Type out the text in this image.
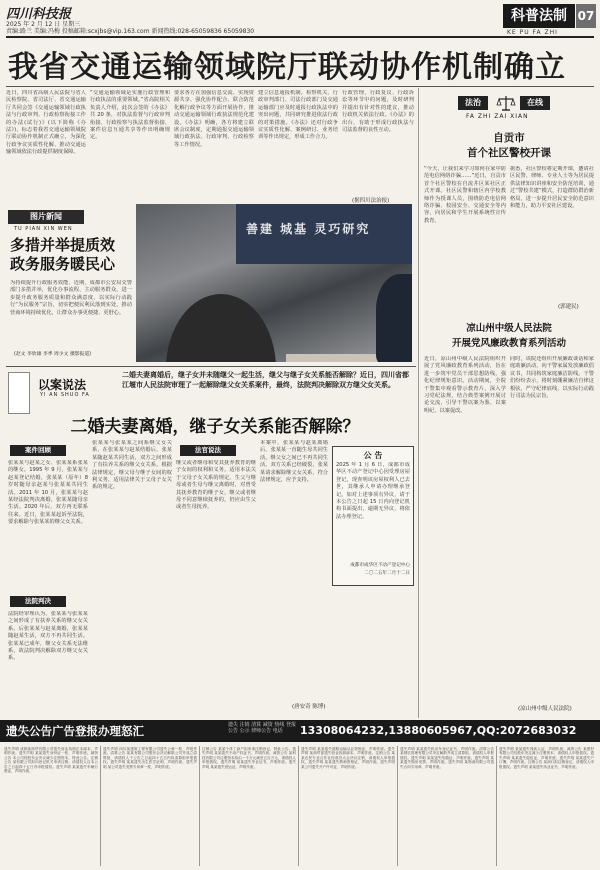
四川科技报
2025 年 2 月 12 日 星期三
责编:路兰 美编:冯梅 投稿邮箱:scxjbs@vip.163.com 新闻热线:028-65059836 65059830
科普法制 07
KE PU FA ZHI
我省交通运输领域院厅联动协作机制确立
近日，四川省高级人民法院与省人民检察院、省司法厅、省交通运输厅共同会签《交通运输领域行政执法与行政审判、行政检察衔接工作的办法(试行)》(以下简称《办法》)，标志着我省交通运输领域院厅联动协作机制正式确立，为深化行政争议实质性化解、推动交通运输领域依法行政提供制度保障。
“交通运输领域是实施行政管理和行政执法的重要领域。”省高院相关负责人介绍，此次会签的《办法》共 20 条，对执法监督与行政审判衔接、行政检察与执法监督衔接、案件信息互通共享等作出明确规定。
要求各方在加强信息交流、实现资源共享、强化协作配合、联合防范化解行政争议等方面开展协作，推动交通运输领域行政执法规范化建设。《办法》明确，各方将建立联席会议制度，定期通报交通运输领域行政执法、行政审判、行政检察等工作情况。
建立信息通报机制。检察机关、行政审判部门、司法行政部门及交通运输部门应及时通报行政执法中的突出问题，共同研究推进依法行政的对策措施。《办法》还对行政争议实质性化解、案例研讨、业务培训等作出规定，形成工作合力。
行政管理、行政复议、行政诉讼等环节中的问题，及时研判并提出有针对性的建议，推动行政机关依法行政。《办法》的出台，有助于形成行政执法与司法监督的良性互动。
(据四川法治报)
法治	在线
FA ZHI ZAI XIAN
自贡市
首个社区警校开课
“今天，让我们来学习如何在家中防范电信网络诈骗……”近日，自贡市首个社区警校在自流井区某社区正式开课。社区民警和辖区内学校教师作为授课人员，围绕防范电信网络诈骗、校园安全、交通安全等内容，向居民和学生开展系统性宣传教育。
据悉，社区警校将定期开课，邀请社区民警、律师、专业人士等为居民提供法律知识讲座和安全防范培训，通过“警校共建”模式，打造群防群治新格局，进一步提升居民安全防范意识和能力，助力平安社区建设。
(郭建民)
凉山州中级人民法院
开展党风廉政教育系列活动
近日，凉山州中级人民法院组织开展了党风廉政教育系列活动，旨在进一步筑牢党员干部思想防线，强化纪律规矩意识。活动期间，全院干警集中观看警示教育片，深入学习党纪法规，结合典型案例开展讨论交流，引导干警以案为鉴、以案明纪、以案促改。
同时，该院还组织开展廉政谈话和家庭助廉活动，向干警家属发放廉政倡议书，共同构筑家庭廉洁防线。干警们纷纷表示，将时刻绷紧廉洁自律这根弦，严守纪律底线，以实际行动践行司法为民宗旨。
(凉山州中级人民法院)
图片新闻
TU PIAN XIN WEN
多措并举提质效 政务服务暖民心
为持续提升行政服务效能，近期，成都市公安局交警部门多措并举，优化办事流程、主动服务群众，进一步提升政务服务质量和群众满意度，以实际行动践行“为民服务”宗旨，切实把便民利民落到实处，推动营商环境持续优化，让群众办事更便捷、更舒心。
(赵文 李欣雄 李季 周少文 摄影报道)
善建 城基 灵巧研究
以案说法
YI AN SHUO FA
二婚夫妻离婚后，继子女并未随继父一起生活，继父与继子女关系能否解除？近日，四川省都江堰市人民法院审理了一起解除继父女关系案件，最终，法院判决解除双方继父女关系。
二婚夫妻离婚，继子女关系能否解除？
案件回顾
张某某与赵某之女、张某某系张某的继女。1995 年 9 月，张某某与赵某登记结婚，张某某（原年）8 岁时随母亲赵某与张某某共同生活。2011 年 10 月，张某某与赵某经法院判决离婚，张某某随母亲生活。2020 年后，双方再无联系往来。近日，张某某起诉至法院，要求解除与张某某的继父女关系。
法院判决
法院经审理认为，张某某与张某某之间形成了有扶养关系的继父女关系。后张某某与赵某离婚，张某某随赵某生活，双方不再共同生活。张某某已成年，继父女关系无法维系，故法院判决解除双方继父女关系。
张某某与张某某之间系继父女关系，在张某某与赵某结婚后，张某某随赵某共同生活，双方之间形成了有扶养关系的继父女关系。根据法律规定，继父母与继子女间的权利义务，适用法律关于父母子女关系的规定。
法官说法
继父或者继母和受其抚养教育的继子女间的权利和义务，适用本法关于父母子女关系的规定。生父与继母或者生母与继父离婚时，对曾受其抚养教育的继子女，继父或者继母不同意继续抚养的，仍应由生父或者生母抚养。
本案中，张某某与赵某离婚后，张某某一直随生母共同生活，继父女之间已不再共同生活，双方关系已经破裂，张某某请求解除继父女关系，符合法律规定，应予支持。
(唐安奇 陈博)
公 告
2025 年 1 月 6 日，成都市成华区不动产登记中心因受理房屋登记，现查明该房屋权利人已去世，其继承人申请办理继承登记。如对上述事项有异议，请于本公告之日起 15 日内向登记机构书面提出，逾期无异议，将依法办理登记。
成都市成华区不动产登记中心
二〇二五年二月十二日
遗失公告广告登报办理怒汇	遗失 注销 清算 减资 热线 登报 公告 公示 律师公告 电话	13308064232,13880605967,QQ:2072683032
遗失声明 成都某商贸有限公司遗失营业执照正本副本，声明作废。遗失声明 某某遗失身份证一张，声明作废。减资公告 本公司经股东会决议减少注册资本，特此公告。注销公告 某有限公司拟向登记机关申请注销，请债权人自本公告之日起四十五日内申报债权。遗失声明 某某遗失车辆行驶证，声明作废。
遗失声明 四川某建筑工程有限公司遗失公章一枚，声明作废。清算公告 某某有限公司股东会决议解散公司并成立清算组，请债权人于公告之日起四十五日内向清算组申报债权。遗失声明 某某遗失出生医学证明，声明作废。遗失声明 某公司遗失发票专用章一枚，声明作废。
注销公告 某某个体工商户拟申请注销登记，特此公告。遗失声明 某某遗失不动产权证书，声明作废。减资公告 某科技有限公司注册资本拟由一千万元减至五百万元，请债权人申报债权。遗失声明 某某遗失毕业证书，声明作废。遗失声明 某某遗失营运证，声明作废。
遗失声明 某某遗失道路运输从业资格证，声明作废。遗失声明 某商贸部遗失营业执照副本，声明作废。注销公告 某某农民专业合作社经成员大会决议注销，请债权人申报债权。遗失声明 某某遗失教师资格证，声明作废。遗失声明 某公司遗失开户许可证，声明作废。
遗失声明 某某遗失机动车登记证书，声明作废。清算公告 某餐饮管理有限公司决定解散并成立清算组，请债权人申报债权。遗失声明 某某遗失结婚证，声明作废。遗失声明 某某遗失购房发票，声明作废。遗失声明 某物流有限公司遗失合同专用章，声明作废。
遗失声明 某某遗失残疾人证，声明作废。减资公告 某建材有限公司经股东决定减少注册资本，请债权人申报债权。遗失声明 某某遗失退伍证，声明作废。遗失声明 某某遗失户口簿，声明作废。注销公告 某商行拟注销登记，请债权人申报债权。遗失声明 某某遗失执业证书，声明作废。
